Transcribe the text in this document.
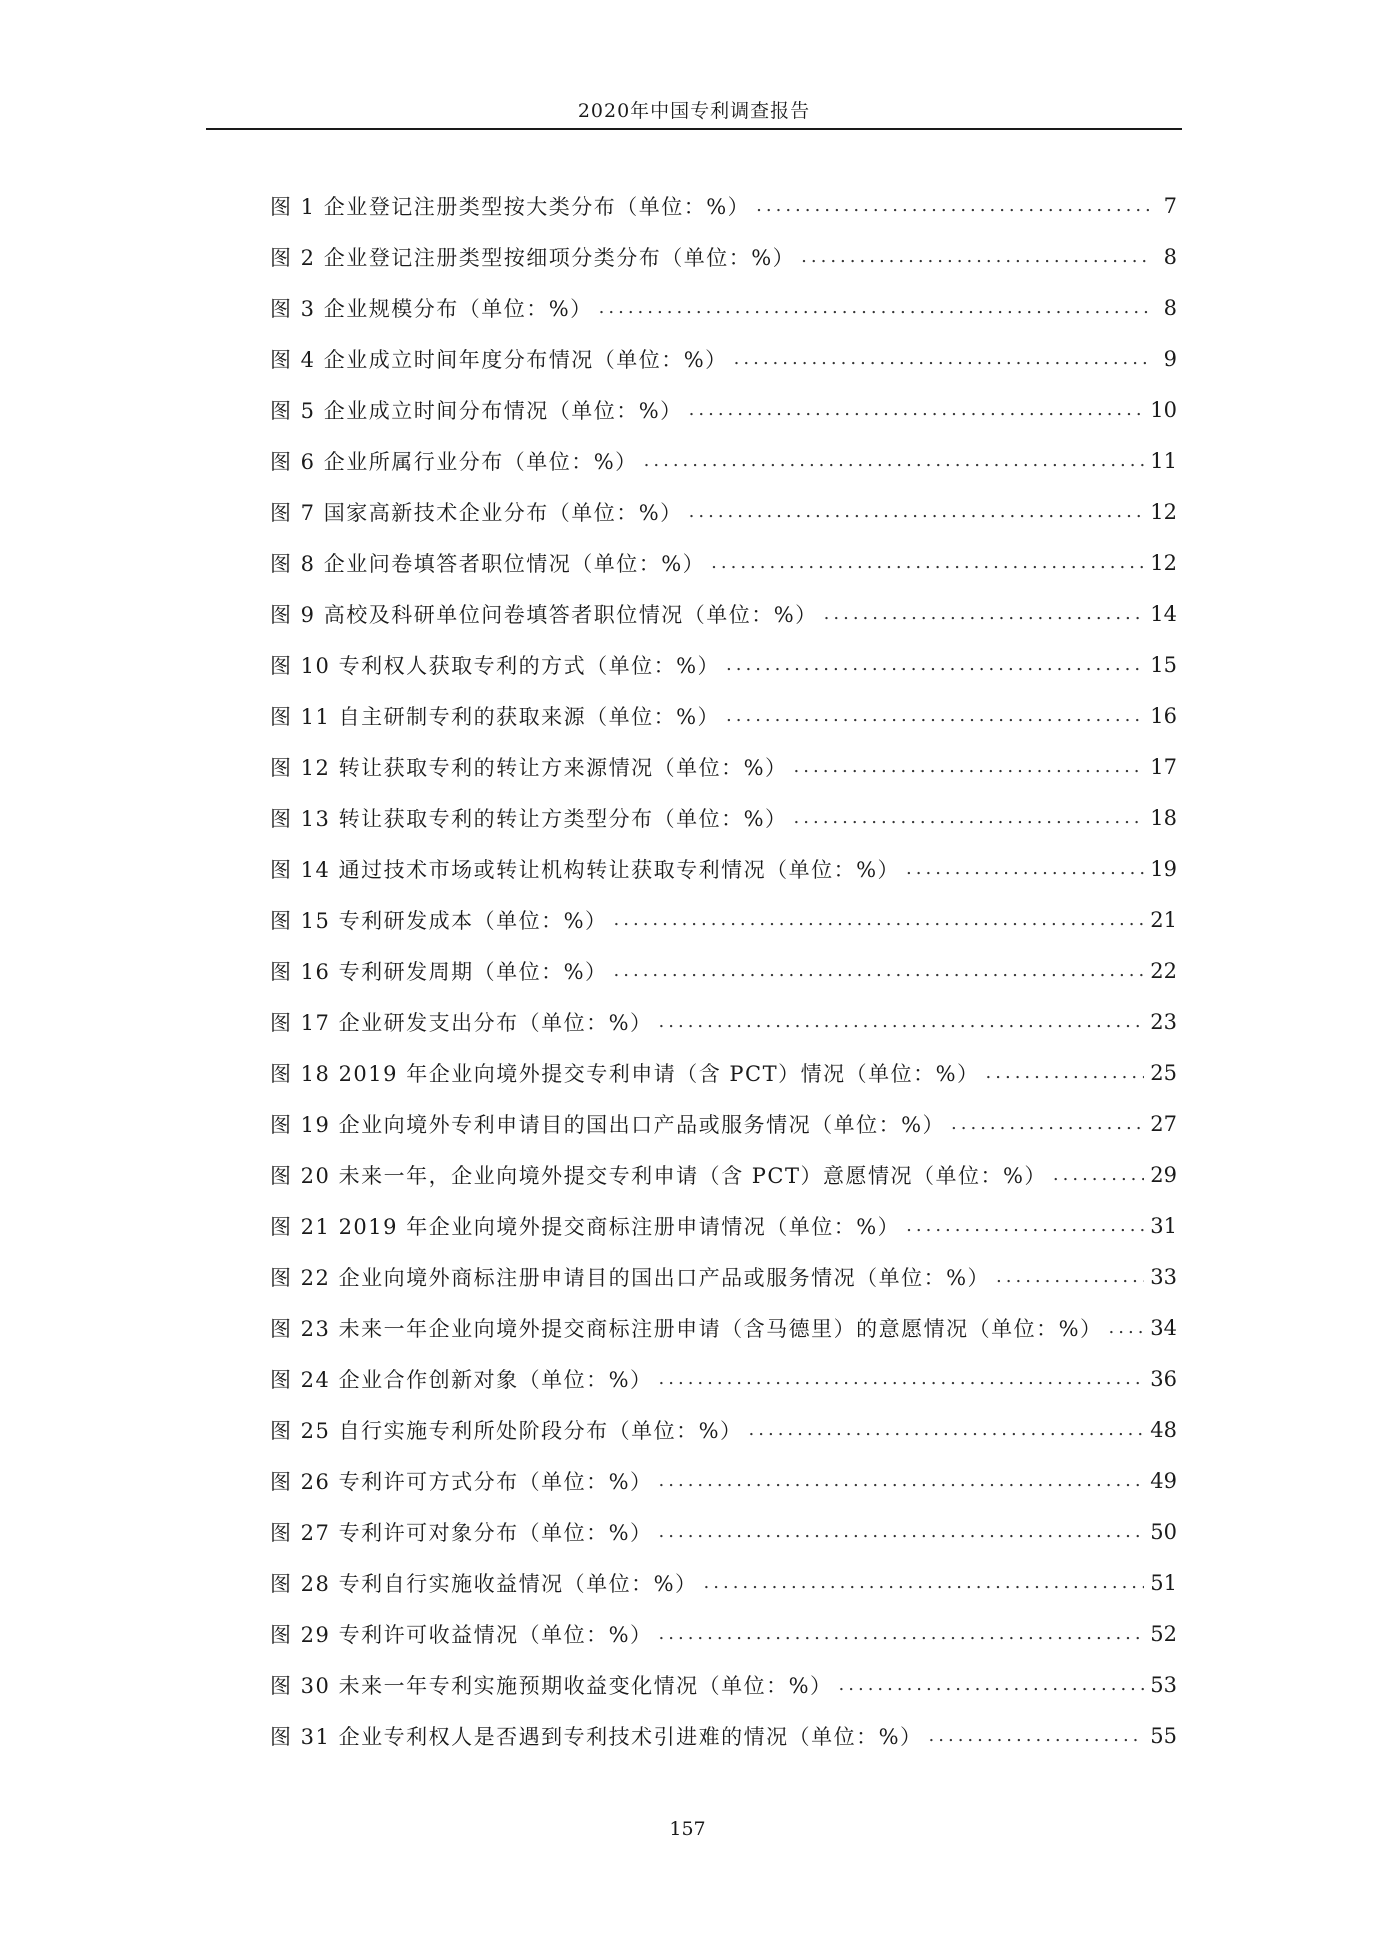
2020年中国专利调查报告
图 1 企业登记注册类型按大类分布（单位：%） .....	7
图 2 企业登记注册类型按细项分类分布（单位：%） .....	8
图 3 企业规模分布（单位：%） .....	8
图 4 企业成立时间年度分布情况（单位：%） .....	9
图 5 企业成立时间分布情况（单位：%） .....	10
图 6 企业所属行业分布（单位：%） .....	11
图 7 国家高新技术企业分布（单位：%） .....	12
图 8 企业问卷填答者职位情况（单位：%） .....	12
图 9 高校及科研单位问卷填答者职位情况（单位：%） .....	14
图 10 专利权人获取专利的方式（单位：%） .....	15
图 11 自主研制专利的获取来源（单位：%） .....	16
图 12 转让获取专利的转让方来源情况（单位：%） .....	17
图 13 转让获取专利的转让方类型分布（单位：%） .....	18
图 14 通过技术市场或转让机构转让获取专利情况（单位：%） .....	19
图 15 专利研发成本（单位：%） .....	21
图 16 专利研发周期（单位：%） .....	22
图 17 企业研发支出分布（单位：%） .....	23
图 18 2019 年企业向境外提交专利申请（含 PCT）情况（单位：%） .....	25
图 19 企业向境外专利申请目的国出口产品或服务情况（单位：%） .....	27
图 20 未来一年，企业向境外提交专利申请（含 PCT）意愿情况（单位：%） .....	29
图 21 2019 年企业向境外提交商标注册申请情况（单位：%） .....	31
图 22 企业向境外商标注册申请目的国出口产品或服务情况（单位：%） .....	33
图 23 未来一年企业向境外提交商标注册申请（含马德里）的意愿情况（单位：%） ..... 34
图 24 企业合作创新对象（单位：%） .....	36
图 25 自行实施专利所处阶段分布（单位：%） .....	48
图 26 专利许可方式分布（单位：%） .....	49
图 27 专利许可对象分布（单位：%） .....	50
图 28 专利自行实施收益情况（单位：%） .....	51
图 29 专利许可收益情况（单位：%） .....	52
图 30 未来一年专利实施预期收益变化情况（单位：%） .....	53
图 31 企业专利权人是否遇到专利技术引进难的情况（单位：%） .....	55
157
